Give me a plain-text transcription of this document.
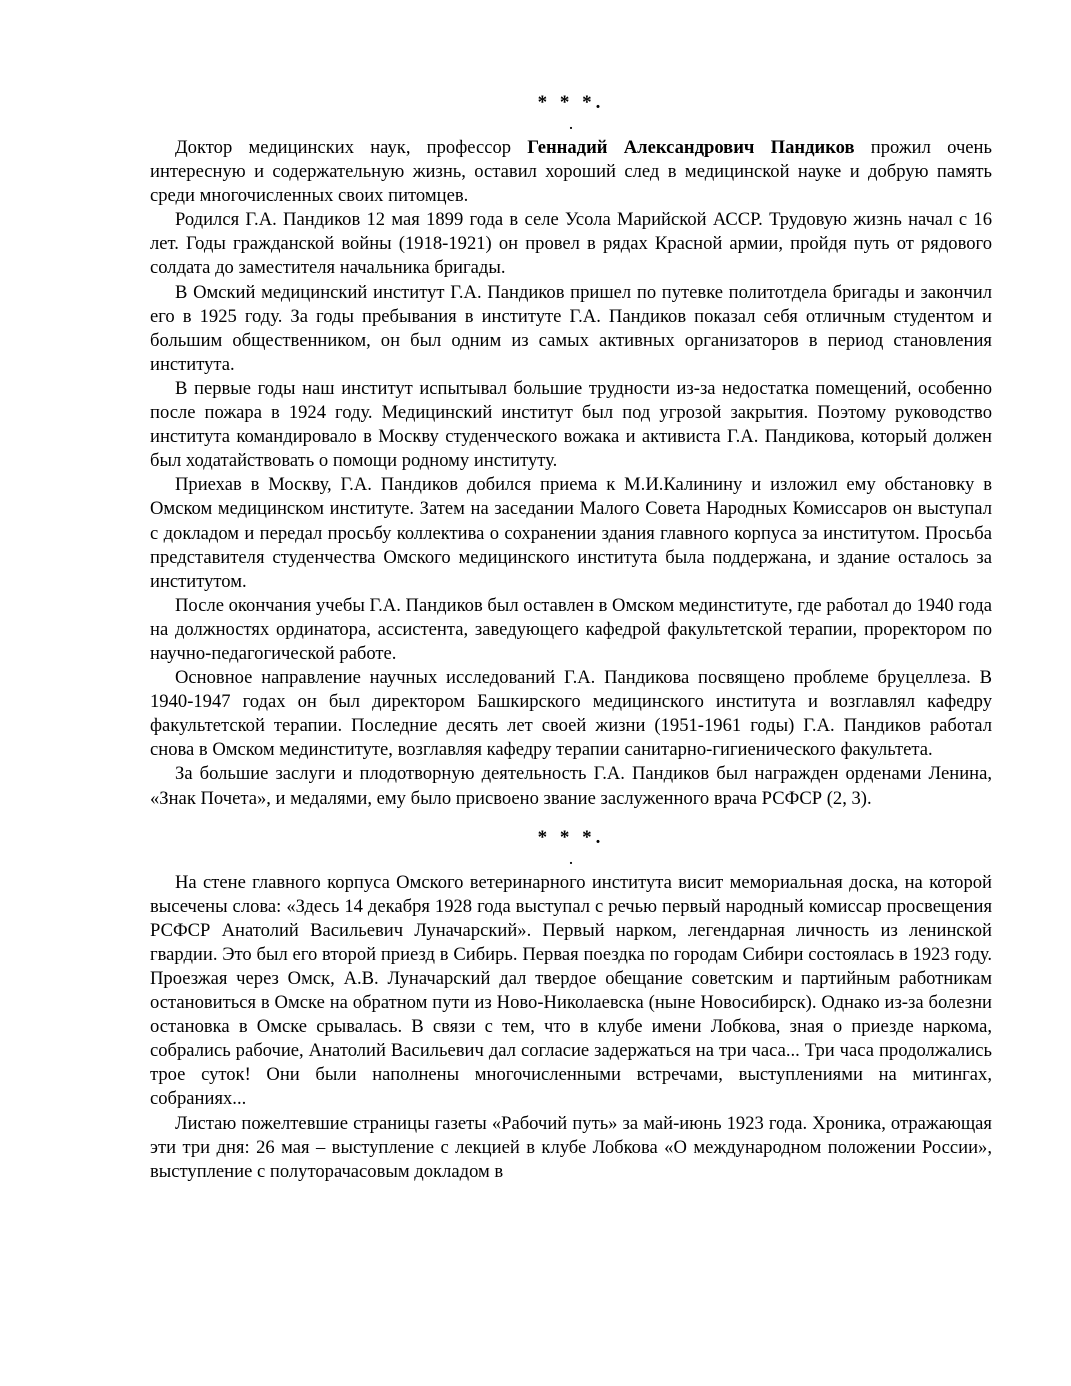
* * *.
.

Доктор медицинских наук, профессор Геннадий Александрович Пандиков прожил очень интересную и содержательную жизнь, оставил хороший след в медицинской науке и добрую память среди многочисленных своих питомцев.

Родился Г.А. Пандиков 12 мая 1899 года в селе Усола Марийской АССР. Трудовую жизнь начал с 16 лет. Годы гражданской войны (1918-1921) он провел в рядах Красной армии, пройдя путь от рядового солдата до заместителя начальника бригады.

В Омский медицинский институт Г.А. Пандиков пришел по путевке политотдела бригады и закончил его в 1925 году. За годы пребывания в институте Г.А. Пандиков показал себя отличным студентом и большим общественником, он был одним из самых активных организаторов в период становления института.

В первые годы наш институт испытывал большие трудности из-за недостатка помещений, особенно после пожара в 1924 году. Медицинский институт был под угрозой закрытия. Поэтому руководство института командировало в Москву студенческого вожака и активиста Г.А. Пандикова, который должен был ходатайствовать о помощи родному институту.

Приехав в Москву, Г.А. Пандиков добился приема к М.И.Калинину и изложил ему обстановку в Омском медицинском институте. Затем на заседании Малого Совета Народных Комиссаров он выступал с докладом и передал просьбу коллектива о сохранении здания главного корпуса за институтом. Просьба представителя студенчества Омского медицинского института была поддержана, и здание осталось за институтом.

После окончания учебы Г.А. Пандиков был оставлен в Омском мединституте, где работал до 1940 года на должностях ординатора, ассистента, заведующего кафедрой факультетской терапии, проректором по научно-педагогической работе.

Основное направление научных исследований Г.А. Пандикова посвящено проблеме бруцеллеза. В 1940-1947 годах он был директором Башкирского медицинского института и возглавлял кафедру факультетской терапии. Последние десять лет своей жизни (1951-1961 годы) Г.А. Пандиков работал снова в Омском мединституте, возглавляя кафедру терапии санитарно-гигиенического факультета.

За большие заслуги и плодотворную деятельность Г.А. Пандиков был награжден орденами Ленина, «Знак Почета», и медалями, ему было присвоено звание заслуженного врача РСФСР (2, 3).

* * *.
.

На стене главного корпуса Омского ветеринарного института висит мемориальная доска, на которой высечены слова: «Здесь 14 декабря 1928 года выступал с речью первый народный комиссар просвещения РСФСР Анатолий Васильевич Луначарский». Первый нарком, легендарная личность из ленинской гвардии. Это был его второй приезд в Сибирь. Первая поездка по городам Сибири состоялась в 1923 году. Проезжая через Омск, А.В. Луначарский дал твердое обещание советским и партийным работникам остановиться в Омске на обратном пути из Ново-Николаевска (ныне Новосибирск). Однако из-за болезни остановка в Омске срывалась. В связи с тем, что в клубе имени Лобкова, зная о приезде наркома, собрались рабочие, Анатолий Васильевич дал согласие задержаться на три часа... Три часа продолжались трое суток! Они были наполнены многочисленными встречами, выступлениями на митингах, собраниях...

Листаю пожелтевшие страницы газеты «Рабочий путь» за май-июнь 1923 года. Хроника, отражающая эти три дня: 26 мая – выступление с лекцией в клубе Лобкова «О международном положении России», выступление с полуторачасовым докладом в
